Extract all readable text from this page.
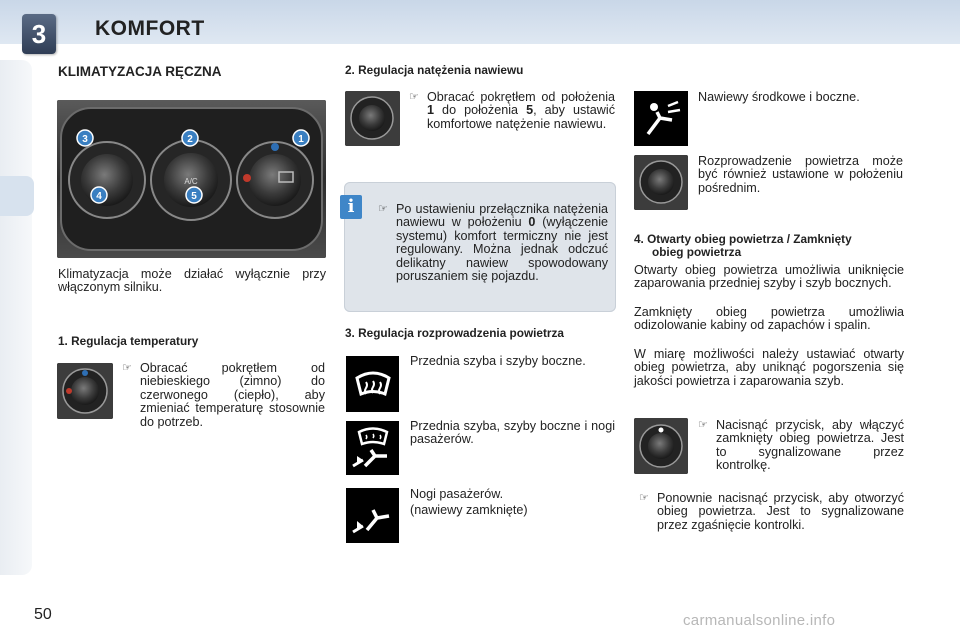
3	KOMFORT
KLIMATYZACJA RĘCZNA
A/C
3	2	1
4	5
Klimatyzacja może działać wyłącznie przy włączonym silniku.
1. Regulacja temperatury
☞ Obracać pokrętłem od niebieskiego (zimno) do czerwonego (ciepło), aby zmieniać temperaturę stosownie do potrzeb.
2. Regulacja natężenia nawiewu
☞ Obracać pokrętłem od położenia 1 do położenia 5, aby ustawić komfortowe natężenie nawiewu.
i	☞ Po ustawieniu przełącznika natężenia nawiewu w położeniu 0 (wyłączenie systemu) komfort termiczny nie jest regulowany. Można jednak odczuć delikatny nawiew spowodowany poruszaniem się pojazdu.
3. Regulacja rozprowadzenia powietrza
Przednia szyba i szyby boczne.
Przednia szyba, szyby boczne i nogi pasażerów.
Nogi pasażerów.
(nawiewy zamknięte)
Nawiewy środkowe i boczne.
Rozprowadzenie powietrza może być również ustawione w położeniu pośrednim.
4. Otwarty obieg powietrza / Zamknięty obieg powietrza
Otwarty obieg powietrza umożliwia uniknięcie zaparowania przedniej szyby i szyb bocznych.
Zamknięty obieg powietrza umożliwia odizolowanie kabiny od zapachów i spalin.
W miarę możliwości należy ustawiać otwarty obieg powietrza, aby uniknąć pogorszenia się jakości powietrza i zaparowania szyb.
☞ Nacisnąć przycisk, aby włączyć zamknięty obieg powietrza. Jest to sygnalizowane przez kontrolkę.
☞ Ponownie nacisnąć przycisk, aby otworzyć obieg powietrza. Jest to sygnalizowane przez zgaśnięcie kontrolki.
50	carmanualsonline.info
